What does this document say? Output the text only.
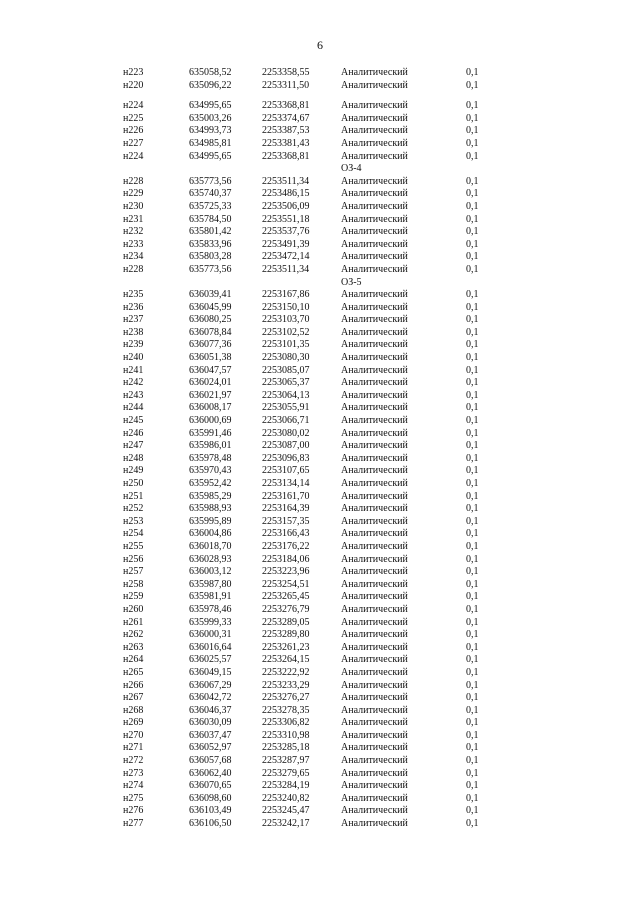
6
н223	635058,52	2253358,55	Аналитический	0,1
н220	635096,22	2253311,50	Аналитический	0,1
н224	634995,65	2253368,81	Аналитический	0,1
н225	635003,26	2253374,67	Аналитический	0,1
н226	634993,73	2253387,53	Аналитический	0,1
н227	634985,81	2253381,43	Аналитический	0,1
н224	634995,65	2253368,81	Аналитический	0,1
ОЗ-4
н228	635773,56	2253511,34	Аналитический	0,1
н229	635740,37	2253486,15	Аналитический	0,1
н230	635725,33	2253506,09	Аналитический	0,1
н231	635784,50	2253551,18	Аналитический	0,1
н232	635801,42	2253537,76	Аналитический	0,1
н233	635833,96	2253491,39	Аналитический	0,1
н234	635803,28	2253472,14	Аналитический	0,1
н228	635773,56	2253511,34	Аналитический	0,1
ОЗ-5
н235	636039,41	2253167,86	Аналитический	0,1
н236	636045,99	2253150,10	Аналитический	0,1
н237	636080,25	2253103,70	Аналитический	0,1
н238	636078,84	2253102,52	Аналитический	0,1
н239	636077,36	2253101,35	Аналитический	0,1
н240	636051,38	2253080,30	Аналитический	0,1
н241	636047,57	2253085,07	Аналитический	0,1
н242	636024,01	2253065,37	Аналитический	0,1
н243	636021,97	2253064,13	Аналитический	0,1
н244	636008,17	2253055,91	Аналитический	0,1
н245	636000,69	2253066,71	Аналитический	0,1
н246	635991,46	2253080,02	Аналитический	0,1
н247	635986,01	2253087,00	Аналитический	0,1
н248	635978,48	2253096,83	Аналитический	0,1
н249	635970,43	2253107,65	Аналитический	0,1
н250	635952,42	2253134,14	Аналитический	0,1
н251	635985,29	2253161,70	Аналитический	0,1
н252	635988,93	2253164,39	Аналитический	0,1
н253	635995,89	2253157,35	Аналитический	0,1
н254	636004,86	2253166,43	Аналитический	0,1
н255	636018,70	2253176,22	Аналитический	0,1
н256	636028,93	2253184,06	Аналитический	0,1
н257	636003,12	2253223,96	Аналитический	0,1
н258	635987,80	2253254,51	Аналитический	0,1
н259	635981,91	2253265,45	Аналитический	0,1
н260	635978,46	2253276,79	Аналитический	0,1
н261	635999,33	2253289,05	Аналитический	0,1
н262	636000,31	2253289,80	Аналитический	0,1
н263	636016,64	2253261,23	Аналитический	0,1
н264	636025,57	2253264,15	Аналитический	0,1
н265	636049,15	2253222,92	Аналитический	0,1
н266	636067,29	2253233,29	Аналитический	0,1
н267	636042,72	2253276,27	Аналитический	0,1
н268	636046,37	2253278,35	Аналитический	0,1
н269	636030,09	2253306,82	Аналитический	0,1
н270	636037,47	2253310,98	Аналитический	0,1
н271	636052,97	2253285,18	Аналитический	0,1
н272	636057,68	2253287,97	Аналитический	0,1
н273	636062,40	2253279,65	Аналитический	0,1
н274	636070,65	2253284,19	Аналитический	0,1
н275	636098,60	2253240,82	Аналитический	0,1
н276	636103,49	2253245,47	Аналитический	0,1
н277	636106,50	2253242,17	Аналитический	0,1
